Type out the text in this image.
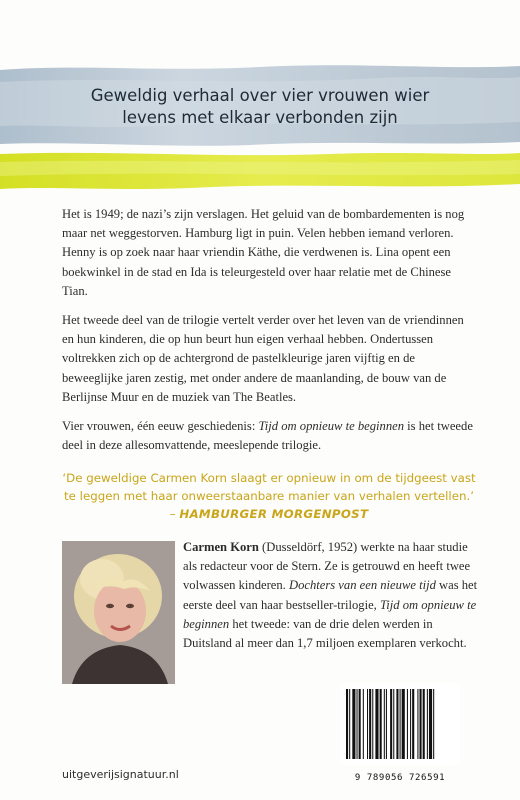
Geweldig verhaal over vier vrouwen wier
levens met elkaar verbonden zijn
Het is 1949; de nazi’s zijn verslagen. Het geluid van de bombardementen is nog maar net weggestorven. Hamburg ligt in puin. Velen hebben iemand verloren. Henny is op zoek naar haar vriendin Käthe, die verdwenen is. Lina opent een boekwinkel in de stad en Ida is teleurgesteld over haar relatie met de Chinese Tian.
Het tweede deel van de trilogie vertelt verder over het leven van de vriendinnen en hun kinderen, die op hun beurt hun eigen verhaal hebben. Ondertussen voltrekken zich op de achtergrond de pastelkleurige jaren vijftig en de beweeglijke jaren zestig, met onder andere de maanlanding, de bouw van de Berlijnse Muur en de muziek van The Beatles.
Vier vrouwen, één eeuw geschiedenis: Tijd om opnieuw te beginnen is het tweede deel in deze allesomvattende, meeslepende trilogie.
‘De geweldige Carmen Korn slaagt er opnieuw in om de tijdgeest vast te leggen met haar onweerstaanbare manier van verhalen vertellen.’ – HAMBURGER MORGENPOST
Carmen Korn (Dusseldörf, 1952) werkte na haar studie als redacteur voor de Stern. Ze is getrouwd en heeft twee volwassen kinderen. Dochters van een nieuwe tijd was het eerste deel van haar bestseller-trilogie, Tijd om opnieuw te beginnen het tweede: van de drie delen werden in Duitsland al meer dan 1,7 miljoen exemplaren verkocht.
uitgeverijsignatuur.nl	9 789056 726591
